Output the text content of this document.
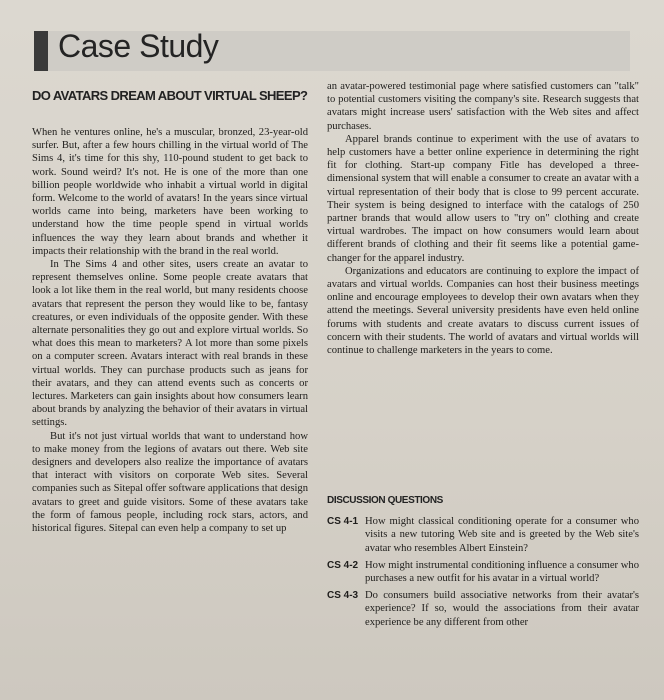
Case Study
DO AVATARS DREAM ABOUT VIRTUAL SHEEP?

When he ventures online, he's a muscular, bronzed, 23-year-old surfer. But, after a few hours chilling in the virtual world of The Sims 4, it's time for this shy, 110-pound student to get back to work. Sound weird? It's not. He is one of the more than one billion people worldwide who inhabit a virtual world in digital form. Welcome to the world of avatars! In the years since virtual worlds came into being, marketers have been working to understand how the time people spend in virtual worlds influences the way they learn about brands and whether it impacts their relationship with the brand in the real world.

In The Sims 4 and other sites, users create an avatar to represent themselves online. Some people create avatars that look a lot like them in the real world, but many residents choose avatars that represent the person they would like to be, fantasy creatures, or even individuals of the opposite gender. With these alternate personalities they go out and explore virtual worlds. So what does this mean to marketers? A lot more than some pixels on a computer screen. Avatars interact with real brands in these virtual worlds. They can purchase products such as jeans for their avatars, and they can attend events such as concerts or lectures. Marketers can gain insights about how consumers learn about brands by analyzing the behavior of their avatars in virtual settings.

But it's not just virtual worlds that want to understand how to make money from the legions of avatars out there. Web site designers and developers also realize the importance of avatars that interact with visitors on corporate Web sites. Several companies such as Sitepal offer software applications that design avatars to greet and guide visitors. Some of these avatars take the form of famous people, including rock stars, actors, and historical figures. Sitepal can even help a company to set up

an avatar-powered testimonial page where satisfied customers can "talk" to potential customers visiting the company's site. Research suggests that avatars might increase users' satisfaction with the Web sites and affect purchases.

Apparel brands continue to experiment with the use of avatars to help customers have a better online experience in determining the right fit for clothing. Start-up company Fitle has developed a three-dimensional system that will enable a consumer to create an avatar with a virtual representation of their body that is close to 99 percent accurate. Their system is being designed to interface with the catalogs of 250 partner brands that would allow users to "try on" clothing and create virtual wardrobes. The impact on how consumers would learn about different brands of clothing and their fit seems like a potential game-changer for the apparel industry.

Organizations and educators are continuing to explore the impact of avatars and virtual worlds. Companies can host their business meetings online and encourage employees to develop their own avatars when they attend the meetings. Several university presidents have even held online forums with students and create avatars to discuss current issues of concern with their students. The world of avatars and virtual worlds will continue to challenge marketers in the years to come.

DISCUSSION QUESTIONS
CS 4-1 How might classical conditioning operate for a consumer who visits a new tutoring Web site and is greeted by the Web site's avatar who resembles Albert Einstein?
CS 4-2 How might instrumental conditioning influence a consumer who purchases a new outfit for his avatar in a virtual world?
CS 4-3 Do consumers build associative networks from their avatar's experience? If so, would the associations from their avatar experience be any different from other
